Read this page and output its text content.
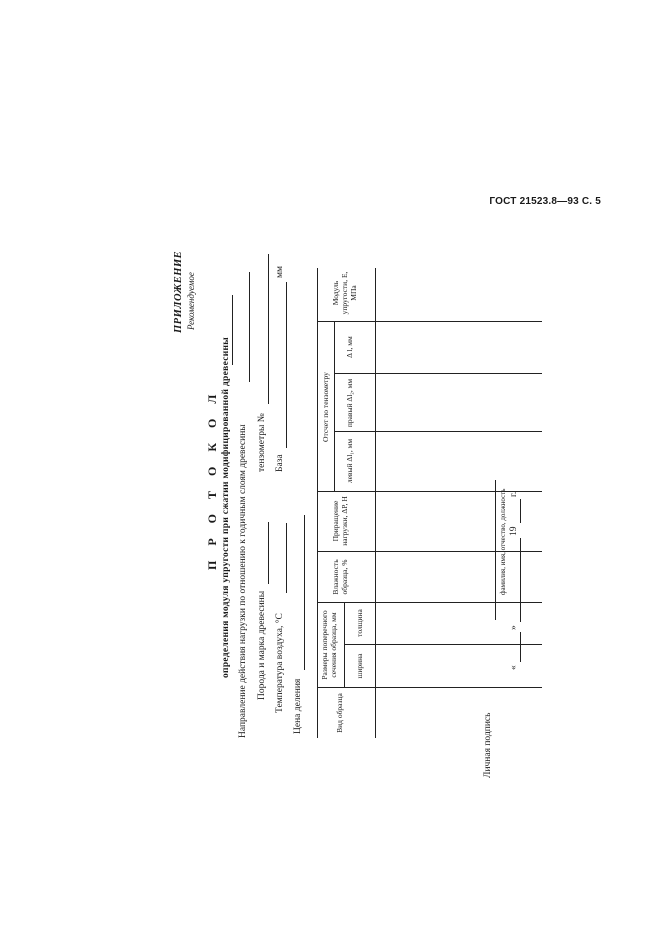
ГОСТ 21523.8—93 С. 5
ПРИЛОЖЕНИЕ Рекомендуемое
П Р О Т О К О Л определения модуля упругости при сжатии модифицированной древесины Направление действия нагрузки по отношению к годичным слоям древесины Порода и марка древесины
тензометры №
Температура воздуха, °С
База
мм
Цена деления	Вид образца
Размеры поперечного сечения образца, мм ширина
толщина
Влажность образца, %
Приращение нагрузки, ΔP, Н
Отсчет по тензометру
левый Δl₁, мм
правый Δl₂, мм
Δ l, мм
Модуль упругости, E, МПа
Личная подпись
фамилия, имя, отчество, должность
«
»
19
г.
